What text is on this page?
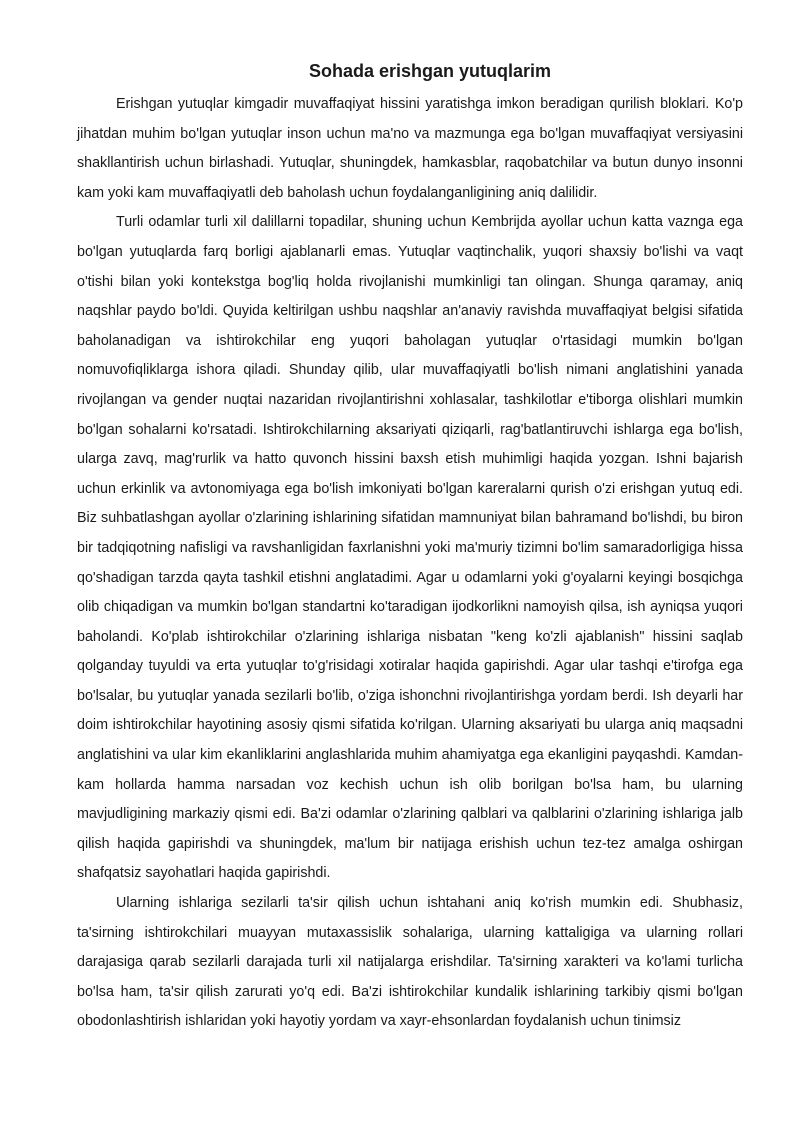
Sohada erishgan yutuqlarim

Erishgan yutuqlar kimgadir muvaffaqiyat hissini yaratishga imkon beradigan qurilish bloklari. Ko'p jihatdan muhim bo'lgan yutuqlar inson uchun ma'no va mazmunga ega bo'lgan muvaffaqiyat versiyasini shakllantirish uchun birlashadi. Yutuqlar, shuningdek, hamkasblar, raqobatchilar va butun dunyo insonni kam yoki kam muvaffaqiyatli deb baholash uchun foydalanganligining aniq dalilidir.

Turli odamlar turli xil dalillarni topadilar, shuning uchun Kembrijda ayollar uchun katta vaznga ega bo'lgan yutuqlarda farq borligi ajablanarli emas. Yutuqlar vaqtinchalik, yuqori shaxsiy bo'lishi va vaqt o'tishi bilan yoki kontekstga bog'liq holda rivojlanishi mumkinligi tan olingan. Shunga qaramay, aniq naqshlar paydo bo'ldi. Quyida keltirilgan ushbu naqshlar an'anaviy ravishda muvaffaqiyat belgisi sifatida baholanadigan va ishtirokchilar eng yuqori baholagan yutuqlar o'rtasidagi mumkin bo'lgan nomuvofiqliklarga ishora qiladi. Shunday qilib, ular muvaffaqiyatli bo'lish nimani anglatishini yanada rivojlangan va gender nuqtai nazaridan rivojlantirishni xohlasalar, tashkilotlar e'tiborga olishlari mumkin bo'lgan sohalarni ko'rsatadi. Ishtirokchilarning aksariyati qiziqarli, rag'batlantiruvchi ishlarga ega bo'lish, ularga zavq, mag'rurlik va hatto quvonch hissini baxsh etish muhimligi haqida yozgan. Ishni bajarish uchun erkinlik va avtonomiyaga ega bo'lish imkoniyati bo'lgan kareralarni qurish o'zi erishgan yutuq edi. Biz suhbatlashgan ayollar o'zlarining ishlarining sifatidan mamnuniyat bilan bahramand bo'lishdi, bu biron bir tadqiqotning nafisligi va ravshanligidan faxrlanishni yoki ma'muriy tizimni bo'lim samaradorligiga hissa qo'shadigan tarzda qayta tashkil etishni anglatadimi. Agar u odamlarni yoki g'oyalarni keyingi bosqichga olib chiqadigan va mumkin bo'lgan standartni ko'taradigan ijodkorlikni namoyish qilsa, ish ayniqsa yuqori baholandi. Ko'plab ishtirokchilar o'zlarining ishlariga nisbatan "keng ko'zli ajablanish" hissini saqlab qolganday tuyuldi va erta yutuqlar to'g'risidagi xotiralar haqida gapirishdi. Agar ular tashqi e'tirofga ega bo'lsalar, bu yutuqlar yanada sezilarli bo'lib, o'ziga ishonchni rivojlantirishga yordam berdi. Ish deyarli har doim ishtirokchilar hayotining asosiy qismi sifatida ko'rilgan. Ularning aksariyati bu ularga aniq maqsadni anglatishini va ular kim ekanliklarini anglashlarida muhim ahamiyatga ega ekanligini payqashdi. Kamdan-kam hollarda hamma narsadan voz kechish uchun ish olib borilgan bo'lsa ham, bu ularning mavjudligining markaziy qismi edi. Ba'zi odamlar o'zlarining qalblari va qalblarini o'zlarining ishlariga jalb qilish haqida gapirishdi va shuningdek, ma'lum bir natijaga erishish uchun tez-tez amalga oshirgan shafqatsiz sayohatlari haqida gapirishdi.

Ularning ishlariga sezilarli ta'sir qilish uchun ishtahani aniq ko'rish mumkin edi. Shubhasiz, ta'sirning ishtirokchilari muayyan mutaxassislik sohalariga, ularning kattaligiga va ularning rollari darajasiga qarab sezilarli darajada turli xil natijalarga erishdilar. Ta'sirning xarakteri va ko'lami turlicha bo'lsa ham, ta'sir qilish zarurati yo'q edi. Ba'zi ishtirokchilar kundalik ishlarining tarkibiy qismi bo'lgan obodonlashtirish ishlaridan yoki hayotiy yordam va xayr-ehsonlardan foydalanish uchun tinimsiz
